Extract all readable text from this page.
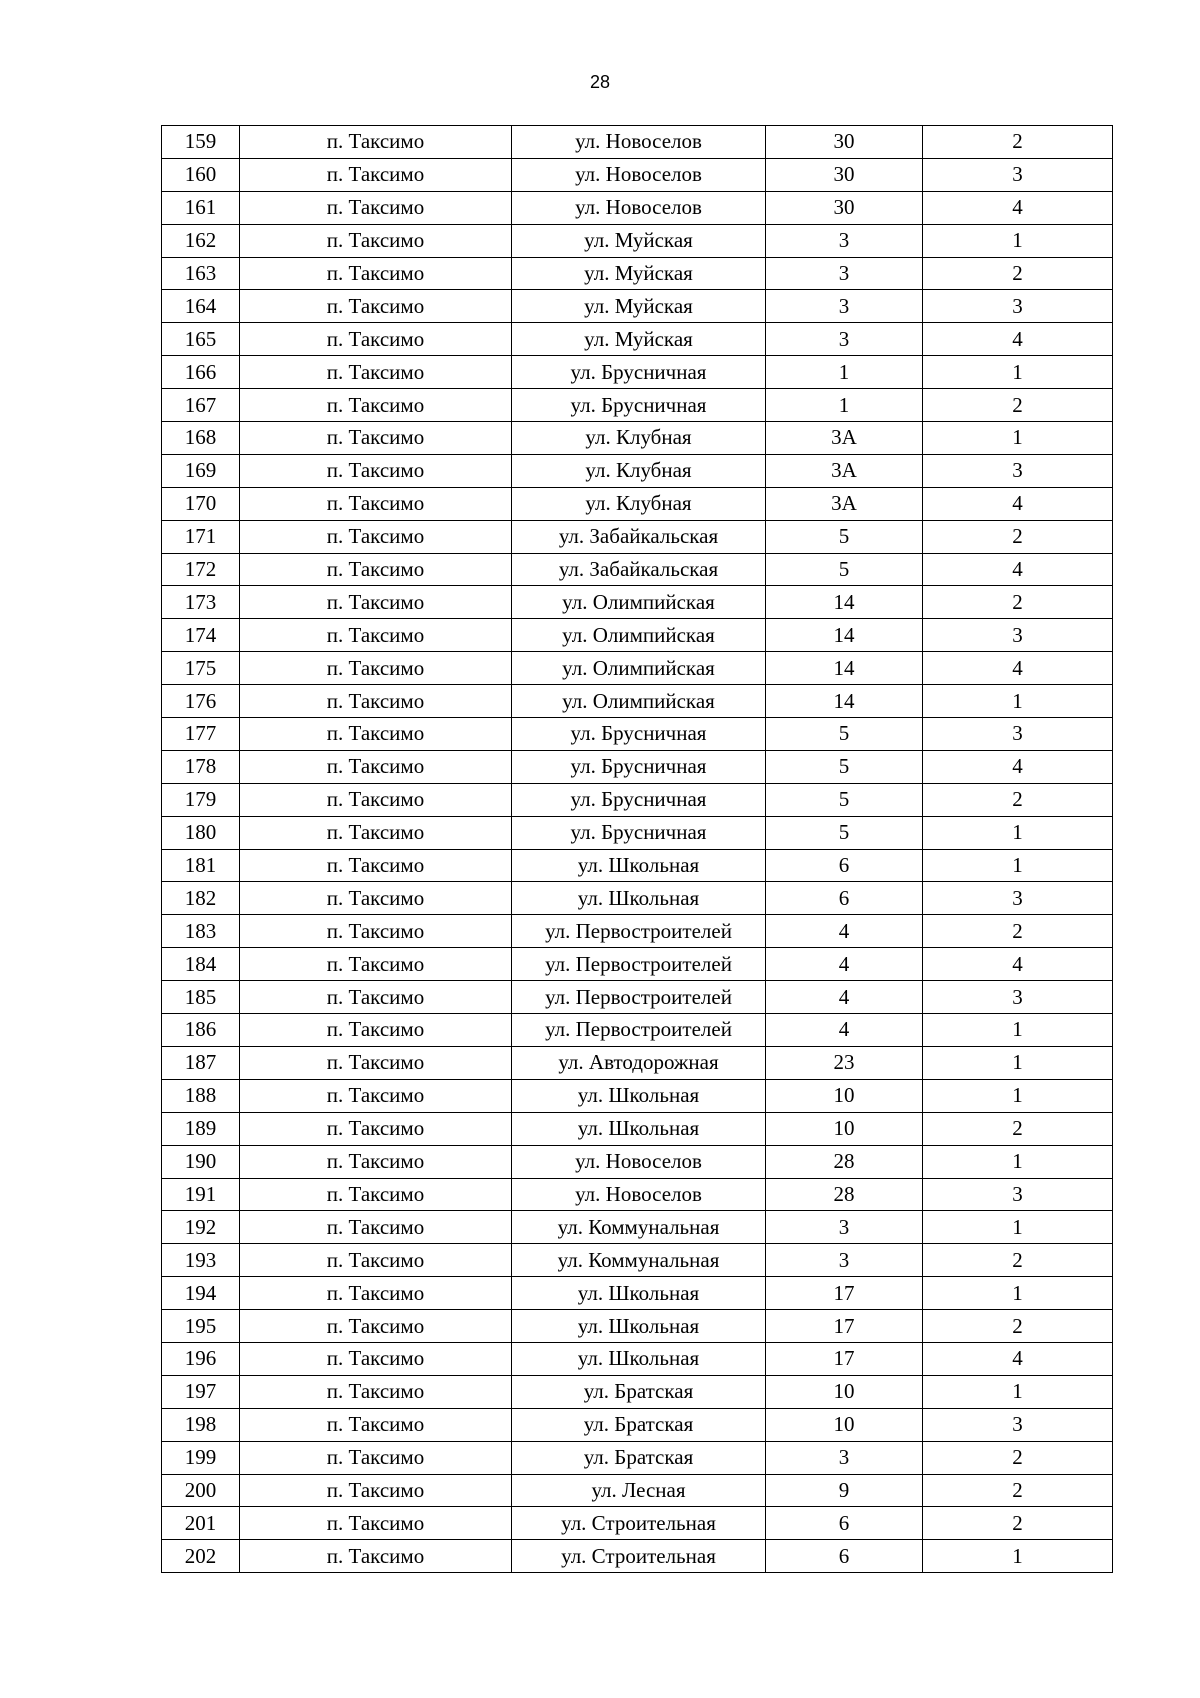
28
159	п. Таксимо	ул. Новоселов	30	2
160	п. Таксимо	ул. Новоселов	30	3
161	п. Таксимо	ул. Новоселов	30	4
162	п. Таксимо	ул. Муйская	3	1
163	п. Таксимо	ул. Муйская	3	2
164	п. Таксимо	ул. Муйская	3	3
165	п. Таксимо	ул. Муйская	3	4
166	п. Таксимо	ул. Брусничная	1	1
167	п. Таксимо	ул. Брусничная	1	2
168	п. Таксимо	ул. Клубная	3А	1
169	п. Таксимо	ул. Клубная	3А	3
170	п. Таксимо	ул. Клубная	3А	4
171	п. Таксимо	ул. Забайкальская	5	2
172	п. Таксимо	ул. Забайкальская	5	4
173	п. Таксимо	ул. Олимпийская	14	2
174	п. Таксимо	ул. Олимпийская	14	3
175	п. Таксимо	ул. Олимпийская	14	4
176	п. Таксимо	ул. Олимпийская	14	1
177	п. Таксимо	ул. Брусничная	5	3
178	п. Таксимо	ул. Брусничная	5	4
179	п. Таксимо	ул. Брусничная	5	2
180	п. Таксимо	ул. Брусничная	5	1
181	п. Таксимо	ул. Школьная	6	1
182	п. Таксимо	ул. Школьная	6	3
183	п. Таксимо	ул. Первостроителей	4	2
184	п. Таксимо	ул. Первостроителей	4	4
185	п. Таксимо	ул. Первостроителей	4	3
186	п. Таксимо	ул. Первостроителей	4	1
187	п. Таксимо	ул. Автодорожная	23	1
188	п. Таксимо	ул. Школьная	10	1
189	п. Таксимо	ул. Школьная	10	2
190	п. Таксимо	ул. Новоселов	28	1
191	п. Таксимо	ул. Новоселов	28	3
192	п. Таксимо	ул. Коммунальная	3	1
193	п. Таксимо	ул. Коммунальная	3	2
194	п. Таксимо	ул. Школьная	17	1
195	п. Таксимо	ул. Школьная	17	2
196	п. Таксимо	ул. Школьная	17	4
197	п. Таксимо	ул. Братская	10	1
198	п. Таксимо	ул. Братская	10	3
199	п. Таксимо	ул. Братская	3	2
200	п. Таксимо	ул. Лесная	9	2
201	п. Таксимо	ул. Строительная	6	2
202	п. Таксимо	ул. Строительная	6	1
